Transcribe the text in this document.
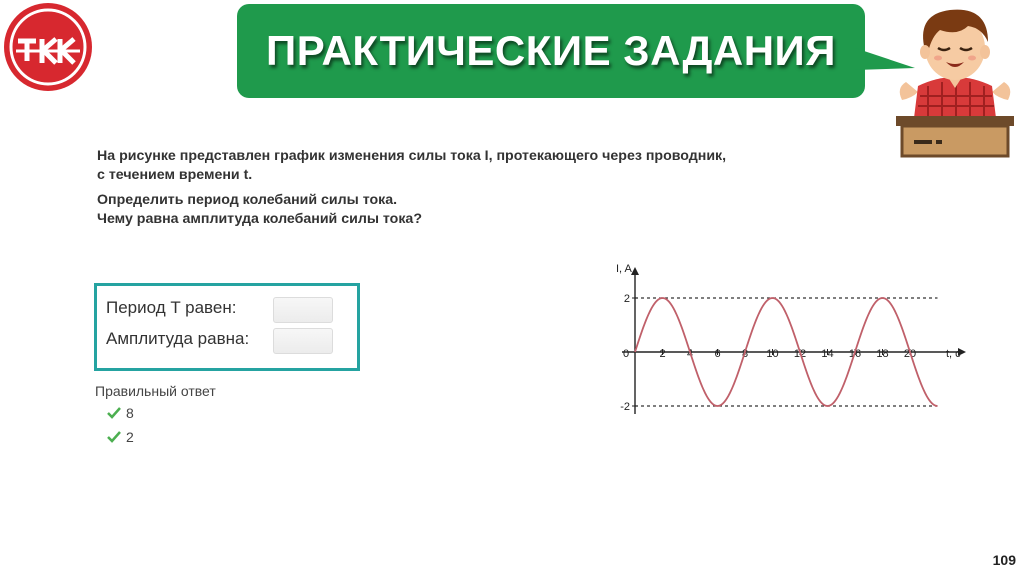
ПРАКТИЧЕСКИЕ ЗАДАНИЯ

На рисунке представлен график изменения силы тока I, протекающего через проводник,
с течением времени t.

Определить период колебаний силы тока.
Чему равна амплитуда колебаний силы тока?

Период T равен:
Амплитуда равна:
Правильный ответ
8
2
I, A
t, с
0	2 4 6 8 10 12 14 16 18 20
2
-2
109
